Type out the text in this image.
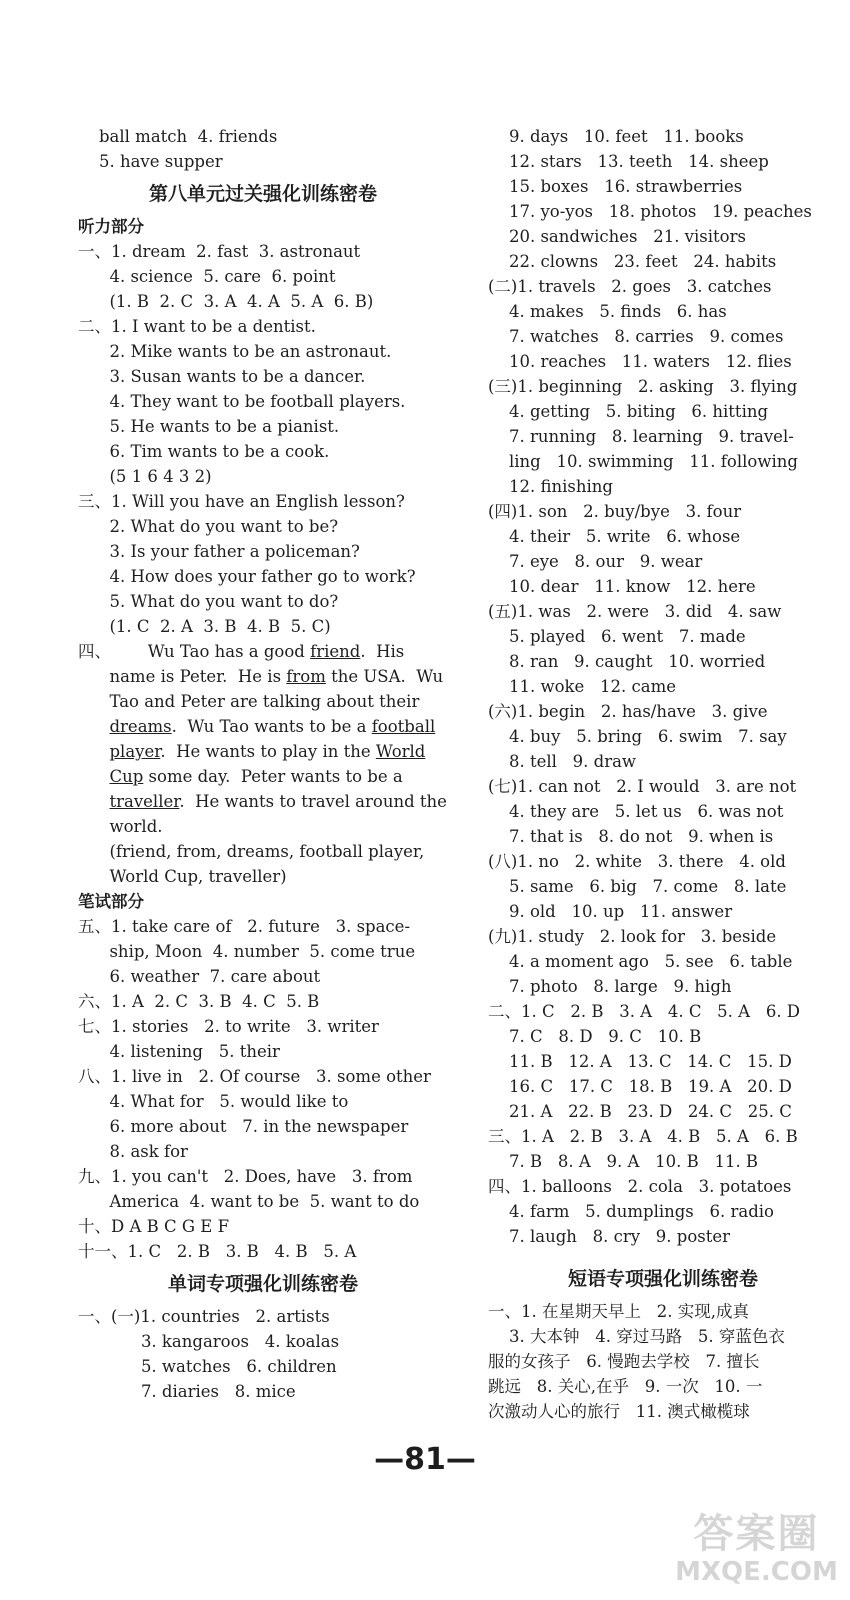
ball match  4. friends
5. have supper
第八单元过关强化训练密卷
听力部分
一、1. dream  2. fast  3. astronaut
4. science  5. care  6. point
(1. B  2. C  3. A  4. A  5. A  6. B)
二、1. I want to be a dentist.
2. Mike wants to be an astronaut.
3. Susan wants to be a dancer.
4. They want to be football players.
5. He wants to be a pianist.
6. Tim wants to be a cook.
(5 1 6 4 3 2)
三、1. Will you have an English lesson?
2. What do you want to be?
3. Is your father a policeman?
4. How does your father go to work?
5. What do you want to do?
(1. C  2. A  3. B  4. B  5. C)
四、       Wu Tao has a good friend.  His
name is Peter.  He is from the USA.  Wu
Tao and Peter are talking about their
dreams.  Wu Tao wants to be a football
player.  He wants to play in the World
Cup some day.  Peter wants to be a
traveller.  He wants to travel around the
world.
(friend, from, dreams, football player,
World Cup, traveller)
笔试部分
五、1. take care of   2. future   3. space-
ship, Moon  4. number  5. come true
6. weather  7. care about
六、1. A  2. C  3. B  4. C  5. B
七、1. stories   2. to write   3. writer
4. listening   5. their
八、1. live in   2. Of course   3. some other
4. What for   5. would like to
6. more about   7. in the newspaper
8. ask for
九、1. you can't   2. Does, have   3. from
America  4. want to be  5. want to do
十、D A B C G E F
十一、1. C   2. B   3. B   4. B   5. A
单词专项强化训练密卷
一、(一)1. countries   2. artists
3. kangaroos   4. koalas
5. watches   6. children
7. diaries   8. mice
9. days   10. feet   11. books
12. stars   13. teeth   14. sheep
15. boxes   16. strawberries
17. yo-yos   18. photos   19. peaches
20. sandwiches   21. visitors
22. clowns   23. feet   24. habits
(二)1. travels   2. goes   3. catches
4. makes   5. finds   6. has
7. watches   8. carries   9. comes
10. reaches   11. waters   12. flies
(三)1. beginning   2. asking   3. flying
4. getting   5. biting   6. hitting
7. running   8. learning   9. travel-
ling   10. swimming   11. following
12. finishing
(四)1. son   2. buy/bye   3. four
4. their   5. write   6. whose
7. eye   8. our   9. wear
10. dear   11. know   12. here
(五)1. was   2. were   3. did   4. saw
5. played   6. went   7. made
8. ran   9. caught   10. worried
11. woke   12. came
(六)1. begin   2. has/have   3. give
4. buy   5. bring   6. swim   7. say
8. tell   9. draw
(七)1. can not   2. I would   3. are not
4. they are   5. let us   6. was not
7. that is   8. do not   9. when is
(八)1. no   2. white   3. there   4. old
5. same   6. big   7. come   8. late
9. old   10. up   11. answer
(九)1. study   2. look for   3. beside
4. a moment ago   5. see   6. table
7. photo   8. large   9. high
二、1. C   2. B   3. A   4. C   5. A   6. D
7. C   8. D   9. C   10. B
11. B   12. A   13. C   14. C   15. D
16. C   17. C   18. B   19. A   20. D
21. A   22. B   23. D   24. C   25. C
三、1. A   2. B   3. A   4. B   5. A   6. B
7. B   8. A   9. A   10. B   11. B
四、1. balloons   2. cola   3. potatoes
4. farm   5. dumplings   6. radio
7. laugh   8. cry   9. poster
短语专项强化训练密卷
一、1. 在星期天早上   2. 实现,成真
3. 大本钟   4. 穿过马路   5. 穿蓝色衣
服的女孩子   6. 慢跑去学校   7. 擅长
跳远   8. 关心,在乎   9. 一次   10. 一
次激动人心的旅行   11. 澳式橄榄球
—81—
答案圈
MXQE.COM
